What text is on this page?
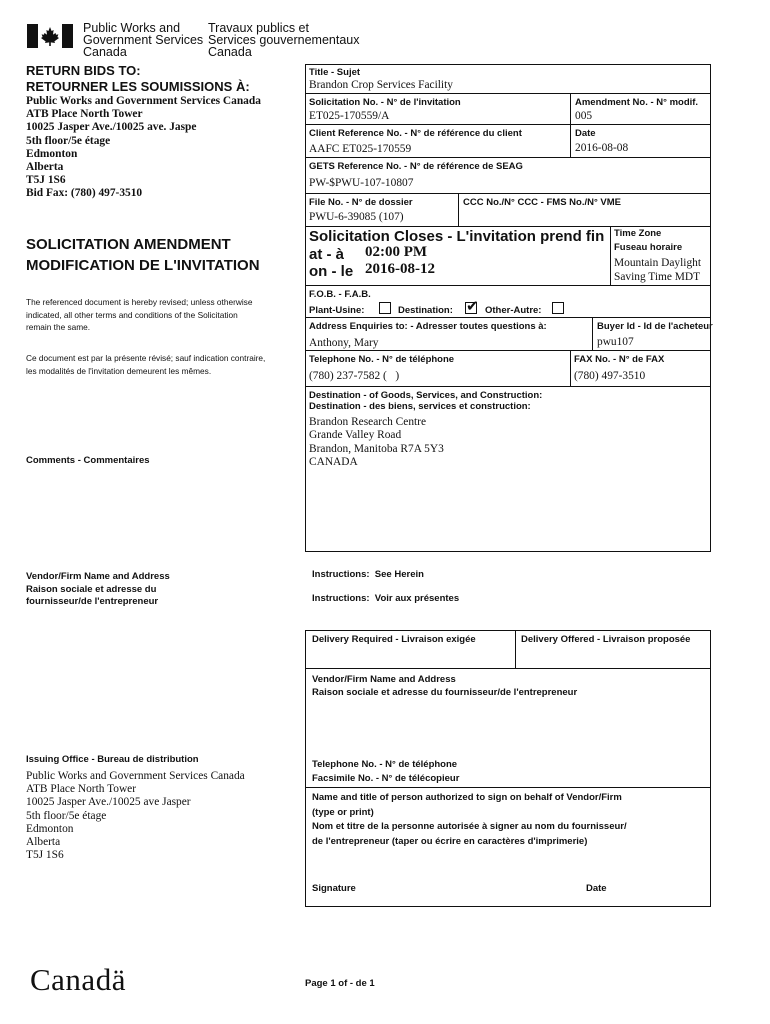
Public Works and
Government Services
Canada
Travaux publics et
Services gouvernementaux
Canada
RETURN BIDS TO:
RETOURNER LES SOUMISSIONS À:
Public Works and Government Services Canada
ATB Place North Tower
10025 Jasper Ave./10025 ave. Jaspe
5th floor/5e étage
Edmonton
Alberta
T5J 1S6
Bid Fax: (780) 497-3510
SOLICITATION AMENDMENT
MODIFICATION DE L'INVITATION
The referenced document is hereby revised; unless otherwise
indicated, all other terms and conditions of the Solicitation
remain the same.
Ce document est par la présente révisé; sauf indication contraire,
les modalités de l'invitation demeurent les mêmes.
Comments - Commentaires
Vendor/Firm Name and Address
Raison sociale et adresse du
fournisseur/de l'entrepreneur
Issuing Office - Bureau de distribution
Public Works and Government Services Canada
ATB Place North Tower
10025 Jasper Ave./10025 ave Jasper
5th floor/5e étage
Edmonton
Alberta
T5J 1S6
Canadä	Page 1 of - de 1
Title - Sujet
Brandon Crop Services Facility
Solicitation No. - N° de l'invitation
ET025-170559/A
Amendment No. - N° modif.
005
Client Reference No. - N° de référence du client
AAFC ET025-170559
Date
2016-08-08
GETS Reference No. - N° de référence de SEAG
PW-$PWU-107-10807
File No. - N° de dossier
PWU-6-39085 (107)
CCC No./N° CCC - FMS No./N° VME
Solicitation Closes - L'invitation prend fin
at - à 02:00 PM
on - le 2016-08-12
Time Zone
Fuseau horaire
Mountain Daylight
Saving Time MDT
F.O.B. - F.A.B.
Plant-Usine:	Destination: ✔ Other-Autre:
Address Enquiries to: - Adresser toutes questions à:
Anthony, Mary
Buyer Id - Id de l'acheteur
pwu107
Telephone No. - N° de téléphone
(780) 237-7582 (   )
FAX No. - N° de FAX
(780) 497-3510
Destination - of Goods, Services, and Construction:
Destination - des biens, services et construction:
Brandon Research Centre
Grande Valley Road
Brandon, Manitoba R7A 5Y3
CANADA
Instructions:  See Herein
Instructions:  Voir aux présentes
Delivery Required - Livraison exigée	Delivery Offered - Livraison proposée
Vendor/Firm Name and Address
Raison sociale et adresse du fournisseur/de l'entrepreneur
Telephone No. - N° de téléphone
Facsimile No. - N° de télécopieur
Name and title of person authorized to sign on behalf of Vendor/Firm
(type or print)
Nom et titre de la personne autorisée à signer au nom du fournisseur/
de l'entrepreneur (taper ou écrire en caractères d'imprimerie)
Signature	Date
